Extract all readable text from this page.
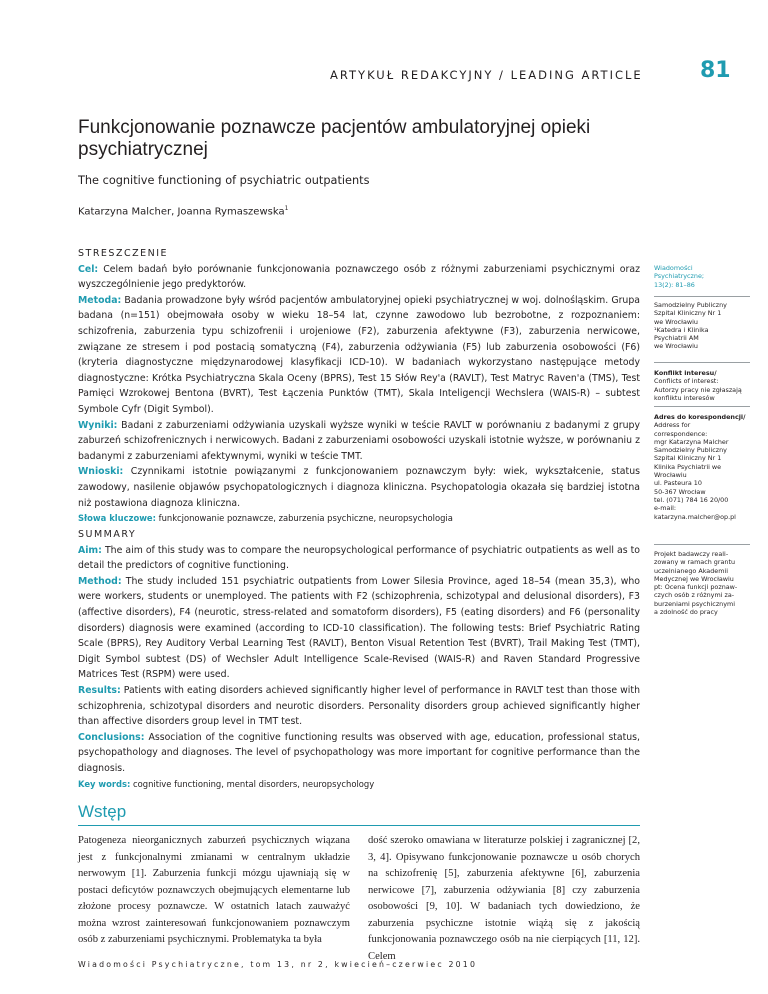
ARTYKUŁ REDAKCYJNY / LEADING ARTICLE	81
Funkcjonowanie poznawcze pacjentów ambulatoryjnej opieki psychiatrycznej
The cognitive functioning of psychiatric outpatients
Katarzyna Malcher, Joanna Rymaszewska$^1$

STRESZCZENIE

Cel: Celem badań było porównanie funkcjonowania poznawczego osób z różnymi zaburzeniami psychicznymi oraz wyszczególnienie jego predyktorów.

Metoda: Badania prowadzone były wśród pacjentów ambulatoryjnej opieki psychiatrycznej w woj. dolnośląskim. Grupa badana (n=151) obejmowała osoby w wieku 18–54 lat, czynne zawodowo lub bezrobotne, z rozpoznaniem: schizofrenia, zaburzenia typu schizofrenii i urojeniowe (F2), zaburzenia afektywne (F3), zaburzenia nerwicowe, związane ze stresem i pod postacią somatyczną (F4), zaburzenia odżywiania (F5) lub zaburzenia osobowości (F6) (kryteria diagnostyczne międzynarodowej klasyfikacji ICD-10). W badaniach wykorzystano następujące metody diagnostyczne: Krótka Psychiatryczna Skala Oceny (BPRS), Test 15 Słów Rey'a (RAVLT), Test Matryc Raven'a (TMS), Test Pamięci Wzrokowej Bentona (BVRT), Test Łączenia Punktów (TMT), Skala Inteligencji Wechslera (WAIS-R) – subtest Symbole Cyfr (Digit Symbol).

Wyniki: Badani z zaburzeniami odżywiania uzyskali wyższe wyniki w teście RAVLT w porównaniu z badanymi z grupy zaburzeń schizofrenicznych i nerwicowych. Badani z zaburzeniami osobowości uzyskali istotnie wyższe, w porównaniu z badanymi z zaburzeniami afektywnymi, wyniki w teście TMT.

Wnioski: Czynnikami istotnie powiązanymi z funkcjonowaniem poznawczym były: wiek, wykształcenie, status zawodowy, nasilenie objawów psychopatologicznych i diagnoza kliniczna. Psychopatologia okazała się bardziej istotna niż postawiona diagnoza kliniczna.

Słowa kluczowe: funkcjonowanie poznawcze, zaburzenia psychiczne, neuropsychologia

SUMMARY

Aim: The aim of this study was to compare the neuropsychological performance of psychiatric outpatients as well as to detail the predictors of cognitive functioning.

Method: The study included 151 psychiatric outpatients from Lower Silesia Province, aged 18–54 (mean 35,3), who were workers, students or unemployed. The patients with F2 (schizophrenia, schizotypal and delusional disorders), F3 (affective disorders), F4 (neurotic, stress-related and somatoform disorders), F5 (eating disorders) and F6 (personality disorders) diagnosis were examined (according to ICD-10 classification). The following tests: Brief Psychiatric Rating Scale (BPRS), Rey Auditory Verbal Learning Test (RAVLT), Benton Visual Retention Test (BVRT), Trail Making Test (TMT), Digit Symbol subtest (DS) of Wechsler Adult Intelligence Scale-Revised (WAIS-R) and Raven Standard Progressive Matrices Test (RSPM) were used.

Results: Patients with eating disorders achieved significantly higher level of performance in RAVLT test than those with schizophrenia, schizotypal disorders and neurotic disorders. Personality disorders group achieved significantly higher than affective disorders group level in TMT test.

Conclusions: Association of the cognitive functioning results was observed with age, education, professional status, psychopathology and diagnoses. The level of psychopathology was more important for cognitive performance than the diagnosis.

Key words: cognitive functioning, mental disorders, neuropsychology

Wiadomości
Psychiatryczne;
13(2): 81–86
Samodzielny Publiczny
Szpital Kliniczny Nr 1
we Wrocławiu
¹Katedra i Klinika
Psychiatrii AM
we Wrocławiu
Konflikt interesu/
Conflicts of interest:
Autorzy pracy nie zgłaszają
konfliktu interesów
Adres do korespondencji/
Address for
correspondence:
mgr Katarzyna Malcher
Samodzielny Publiczny
Szpital Kliniczny Nr 1
Klinika Psychiatrii we
Wrocławiu
ul. Pasteura 10
50-367 Wrocław
tel. (071) 784 16 20/00
e-mail:
katarzyna.malcher@op.pl
Projekt badawczy reali-
zowany w ramach grantu
uczelnianego Akademii
Medycznej we Wrocławiu
pt: Ocena funkcji poznaw-
czych osób z różnymi za-
burzeniami psychicznymi
a zdolność do pracy
Wstęp

Patogeneza nieorganicznych zaburzeń psychicznych wiązana jest z funkcjonalnymi zmianami w centralnym układzie nerwowym [1]. Zaburzenia funkcji mózgu ujawniają się w postaci deficytów poznawczych obejmujących elementarne lub złożone procesy poznawcze. W ostatnich latach zauważyć można wzrost zainteresowań funkcjonowaniem poznawczym osób z zaburzeniami psychicznymi. Problematyka ta była

dość szeroko omawiana w literaturze polskiej i zagranicznej [2, 3, 4]. Opisywano funkcjonowanie poznawcze u osób chorych na schizofrenię [5], zaburzenia afektywne [6], zaburzenia nerwicowe [7], zaburzenia odżywiania [8] czy zaburzenia osobowości [9, 10]. W badaniach tych dowiedziono, że zaburzenia psychiczne istotnie wiążą się z jakością funkcjonowania poznawczego osób na nie cierpiących [11, 12]. Celem

Wiadomości Psychiatryczne, tom 13, nr 2, kwiecień–czerwiec 2010
